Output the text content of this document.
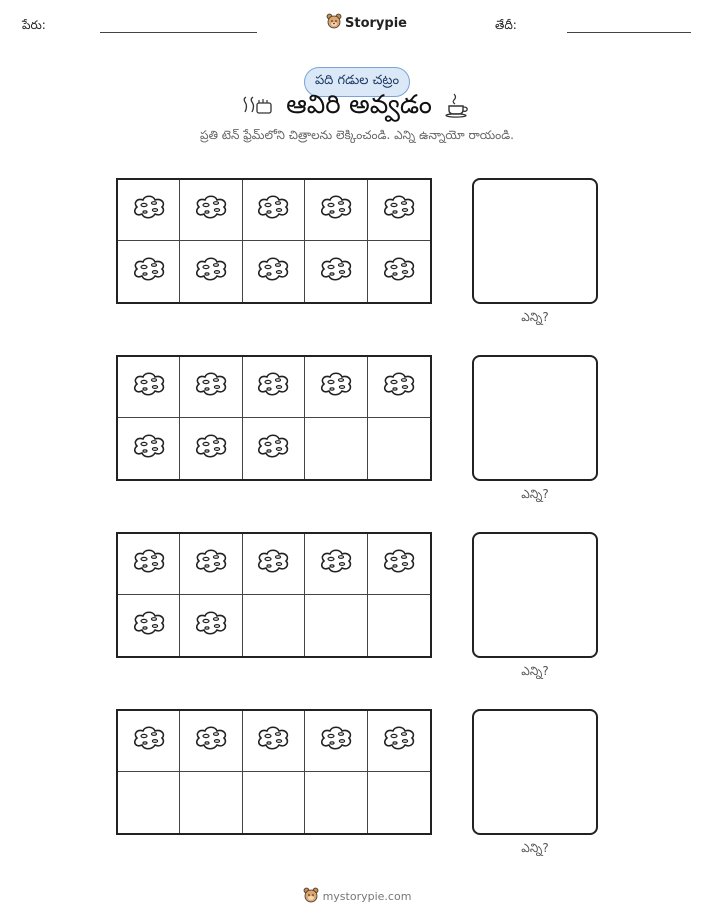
పేరు:	Storypie	తేదీ:
పది గడుల చట్రం
ఆవిరి అవ్వడం
ప్రతి టెన్ ఫ్రేమ్‌లోని చిత్రాలను లెక్కించండి. ఎన్ని ఉన్నాయో రాయండి.
ఎన్ని?
ఎన్ని?
ఎన్ని?
ఎన్ని?
mystorypie.com
